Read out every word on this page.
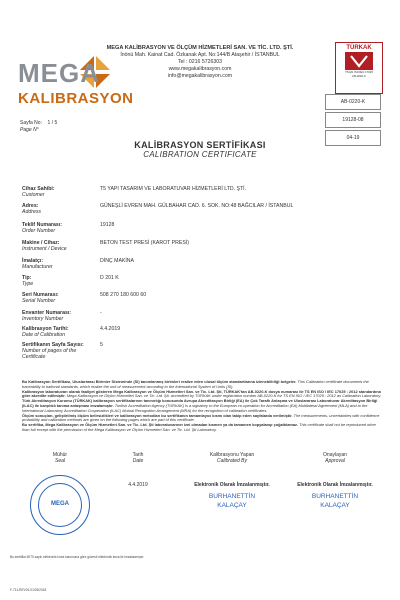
MEGA
KALIBRASYON
MEGA KALİBRASYON VE ÖLÇÜM HİZMETLERİ SAN. VE TİC. LTD. ŞTİ.
İnönü Mah. Kainat Cad. Özkanak Apt. No:144/B Ataşehir / İSTANBUL
Tel : 0216 5726303
www.megakalibrasyon.com
info@megakalibrasyon.com
TÜRKAK
TS EN ISO/IEC 17025
AB-0220-K
AB-0220-K
19128-08
04-19
Sayfa No: 1 / 5
Page N°
KALİBRASYON SERTİFİKASI
CALIBRATION CERTIFICATE
Cihaz Sahibi:
Customer
T5 YAPI TASARIM VE LABORATUVAR HİZMETLERİ LTD. ŞTİ.
Adres:
Address
GÜNEŞLİ EVREN MAH. GÜLBAHAR CAD. 6. SOK. NO:48 BAĞCILAR / İSTANBUL
Teklif Numarası:
Order Number
19128
Makine / Cihaz:
Instrument / Device
BETON TEST PRESİ (KAROT PRESİ)
İmalatçı:
Manufacturer
DİNÇ MAKİNA
Tip:
Type
D 201 K
Seri Numarası:
Serial Number
508 270 180 600 60
Envanter Numarası:
Inventory Number
-
Kalibrasyon Tarihi:
Date of Calibration
4.4.2019
Sertifikanın Sayfa Sayısı:
Number of pages of the Certificate
5
Bu Kalibrasyon Sertifikası, Uluslararası Birimler Sisteminde (SI) tanımlanmış birimleri realize eden ulusal ölçüm standartlarına izlenebilirliği belgeler. This Calibration certificate documents the traceability to national standards, which realize the unit of measurement according to the International System of Units (SI).
Kalibrasyon laboratuvarı olarak faaliyet gösteren Mega Kalibrasyon ve Ölçüm Hizmetleri San. ve Tic. Ltd. Şti, TÜRKAK'tan AB-0220-K dosya numarası ile TS EN ISO / IEC 17025 : 2012 standardına göre akredite edilmiştir. Mega Kalibrasyon ve Ölçüm Hizmetleri San. ve Tic. Ltd. Şti. accredited by TÜRKAK under registration number AB-0220-K for TS EN ISO / IEC 17025 : 2012 as Calibration Laboratory.
Türk Akreditasyon Kurumu (TÜRKAK) kalibrasyon sertifikalarının tanınırlığı konusunda Avrupa Akreditasyon Birliği (EA) ile Çok Taraflı Anlaşma ve Uluslararası Laboratuvar Akreditasyon Birliği (ILAC) ile karşılıklı tanıma anlaşması imzalamıştır. Turkish Accreditation Agency (TÜRKAK) is a signatory to the European co-operation for Accreditation (EA) Multilateral Agreement (MLA) and to the International Laboratory Accreditation Cooperation (ILAC) Mutual Recognition Arrangement (MRA) for the recognition of calibration certificates.
Ölçüm sonuçları, geliştirilmiş ölçüm belirsizlikleri ve kalibrasyon metodları bu sertifikanın tamamlayıcı kısmı olan takip eden sayfalarda verilmiştir. The measurements, uncertainties with confidence probability and calibration methods are given on the following pages which are part of this certificate.
Bu sertifika, Mega Kalibrasyon ve Ölçüm Hizmetleri San. ve Tic. Ltd. Şti laboratuvarının izni olmadan kısmen ya da tamamen kopyalanıp çoğaltılamaz. This certificate shall not be reproduced other than full except with the permission of the Mega Kalibrasyon ve Ölçüm Hizmetleri San. ve Tic. Ltd. Şti Laboratory.
Mühür
Seal
Tarih
Date
Kalibrasyonu Yapan
Calibrated By
Onaylayan
Approval
MEGA
4.4.2019	Elektronik Olarak İmzalanmıştır.
BURHANETTİN
KALAÇAY
Elektronik Olarak İmzalanmıştır.
BURHANETTİN
KALAÇAY
Bu sertifika 5070 sayılı elektronik imza kanununa göre güvenli elektronik imza ile imzalanmıştır.
F-711-REV01-01/03/2018
